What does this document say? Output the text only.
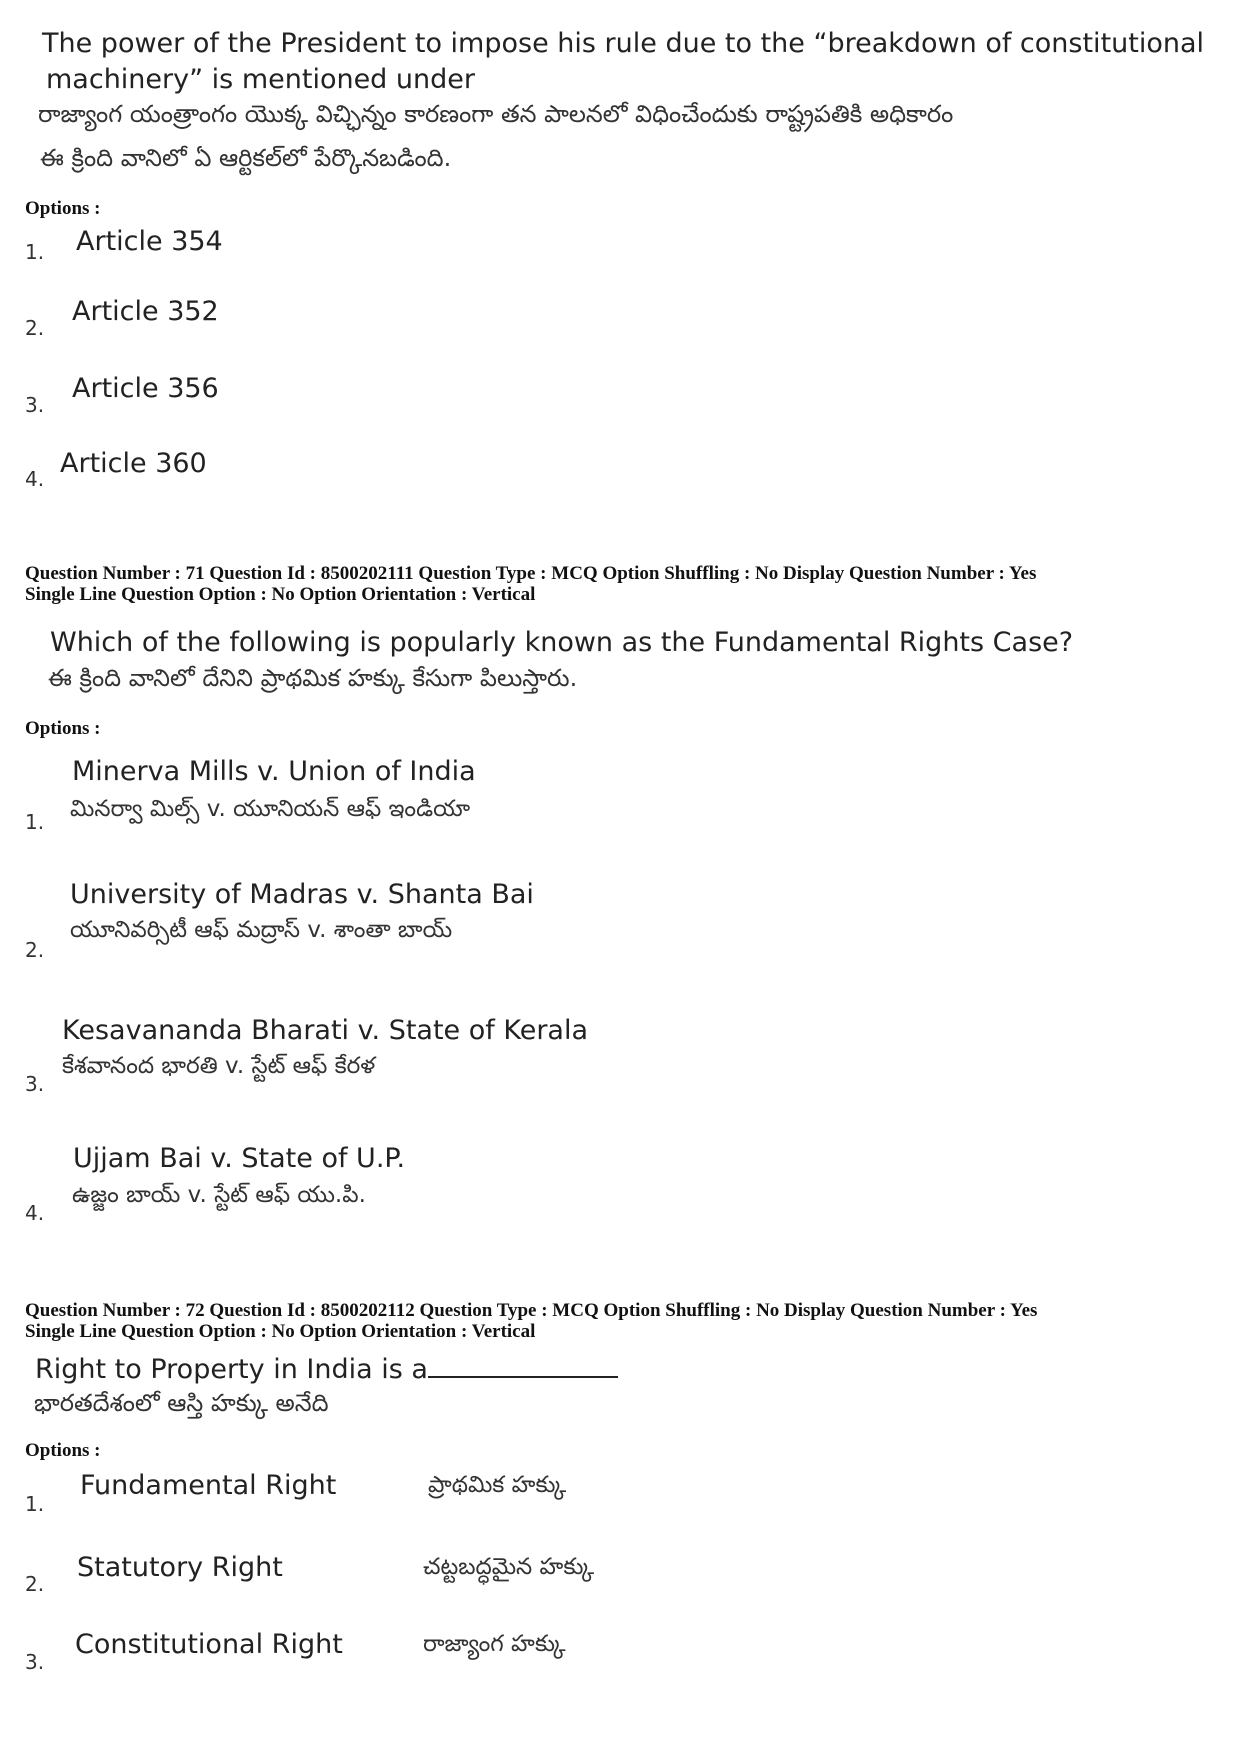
The power of the President to impose his rule due to the “breakdown of constitutional
machinery” is mentioned under
రాజ్యాంగ యంత్రాంగం యొక్క విచ్ఛిన్నం కారణంగా తన పాలనలో విధించేందుకు రాష్ట్రపతికి అధికారం
ఈ క్రింది వానిలో ఏ ఆర్టికల్‌లో పేర్కొనబడింది.
Options :
1. Article 354
2.
Article 352
3.
Article 356
4. Article 360
Question Number : 71 Question Id : 8500202111 Question Type : MCQ Option Shuffling : No Display Question Number : Yes
Single Line Question Option : No Option Orientation : Vertical
Which of the following is popularly known as the Fundamental Rights Case?
ఈ క్రింది వానిలో దేనిని ప్రాథమిక హక్కు కేసుగా పిలుస్తారు.
Options :
Minerva Mills v. Union of India
1. మినర్వా మిల్స్ v. యూనియన్ ఆఫ్ ఇండియా
University of Madras v. Shanta Bai
2.
యూనివర్సిటీ ఆఫ్ మద్రాస్ v. శాంతా బాయ్
Kesavananda Bharati v. State of Kerala
3.
కేశవానంద భారతి v. స్టేట్ ఆఫ్ కేరళ
Ujjam Bai v. State of U.P.
4.
ఉజ్జం బాయ్ v. స్టేట్ ఆఫ్ యు.పి.
Question Number : 72 Question Id : 8500202112 Question Type : MCQ Option Shuffling : No Display Question Number : Yes
Single Line Question Option : No Option Orientation : Vertical
Right to Property in India is a
భారతదేశంలో ఆస్తి హక్కు అనేది
Options :
1.
Fundamental Right	ప్రాథమిక హక్కు
2.
Statutory Right	చట్టబద్ధమైన హక్కు
3.
Constitutional Right	రాజ్యాంగ హక్కు
